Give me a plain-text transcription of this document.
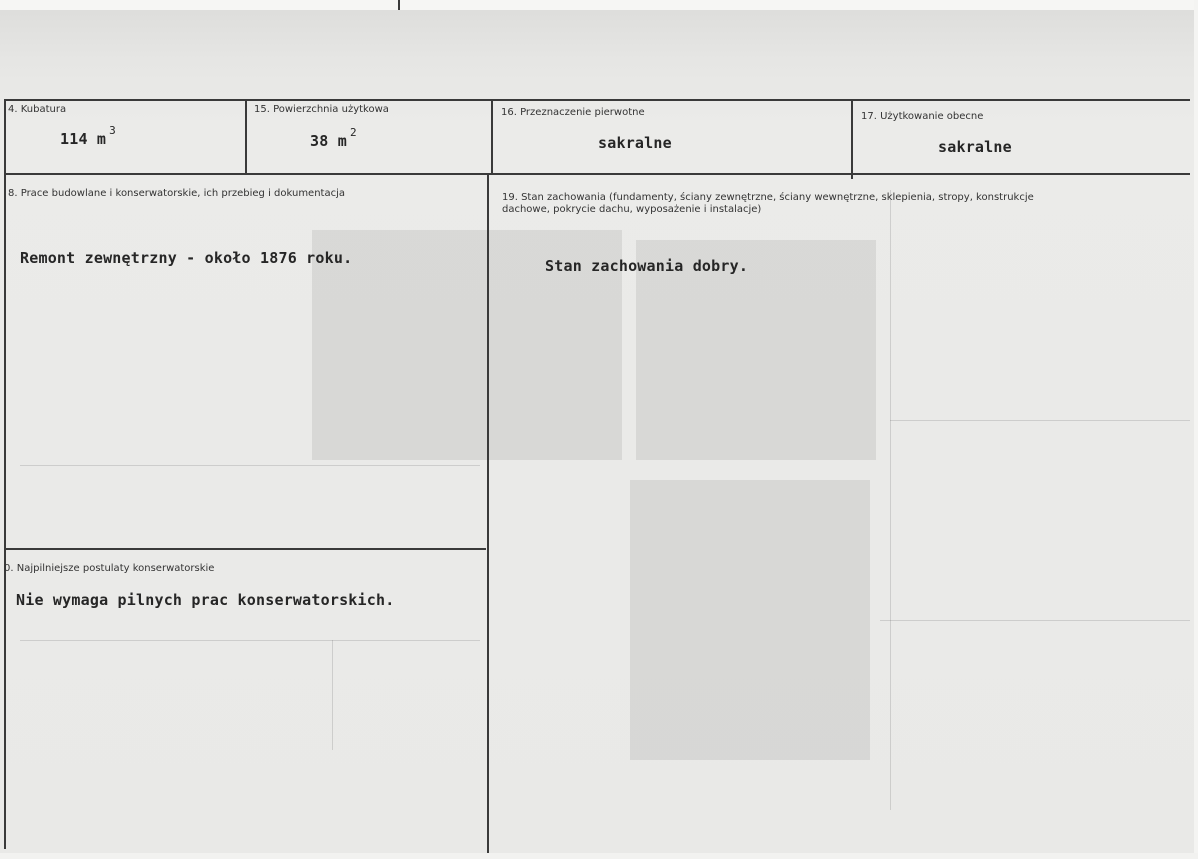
4. Kubatura
114 m $^3$
15. Powierzchnia użytkowa
38 m $^2$
16. Przeznaczenie pierwotne
sakralne
17. Użytkowanie obecne
sakralne
8. Prace budowlane i konserwatorskie, ich przebieg i dokumentacja
Remont zewnętrzny - około 1876 roku.
19. Stan zachowania (fundamenty, ściany zewnętrzne, ściany wewnętrzne, sklepienia, stropy, konstrukcje dachowe, pokrycie dachu, wyposażenie i instalacje)
Stan zachowania dobry.
0. Najpilniejsze postulaty konserwatorskie
Nie wymaga pilnych prac konserwatorskich.
